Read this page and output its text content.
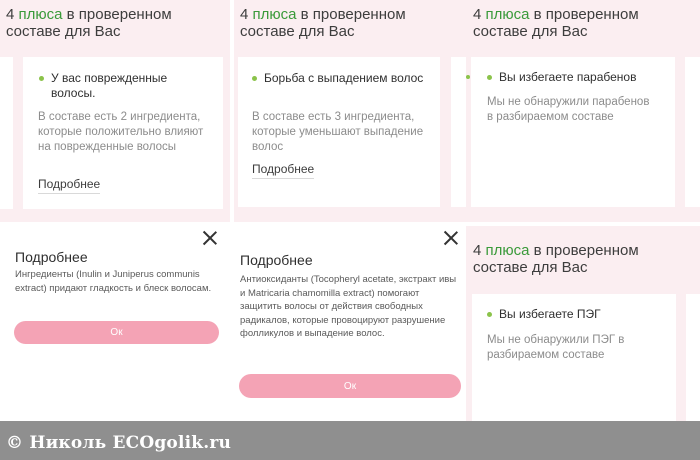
4 плюса в проверенном
составе для Вас
У вас поврежденные волосы.
В составе есть 2 ингредиента, которые положительно влияют на поврежденные волосы
Подробнее
4 плюса в проверенном
составе для Вас
Борьба с выпадением волос
В составе есть 3 ингредиента, которые уменьшают выпадение волос
Подробнее
4 плюса в проверенном
составе для Вас
Вы избегаете парабенов
Мы не обнаружили парабенов в разбираемом составе
Подробнее
Ингредиенты (Inulin и Juniperus communis extract) придают гладкость и блеск волосам.
Ок
Подробнее
Антиоксиданты (Tocopheryl acetate, экстракт ивы и Matricaria chamomilla extract) помогают защитить волосы от действия свободных радикалов, которые провоцируют разрушение фолликулов и выпадение волос.
Ок
4 плюса в проверенном
составе для Вас
Вы избегаете ПЭГ
Мы не обнаружили ПЭГ в разбираемом составе
© Николь ECOgolik.ru
